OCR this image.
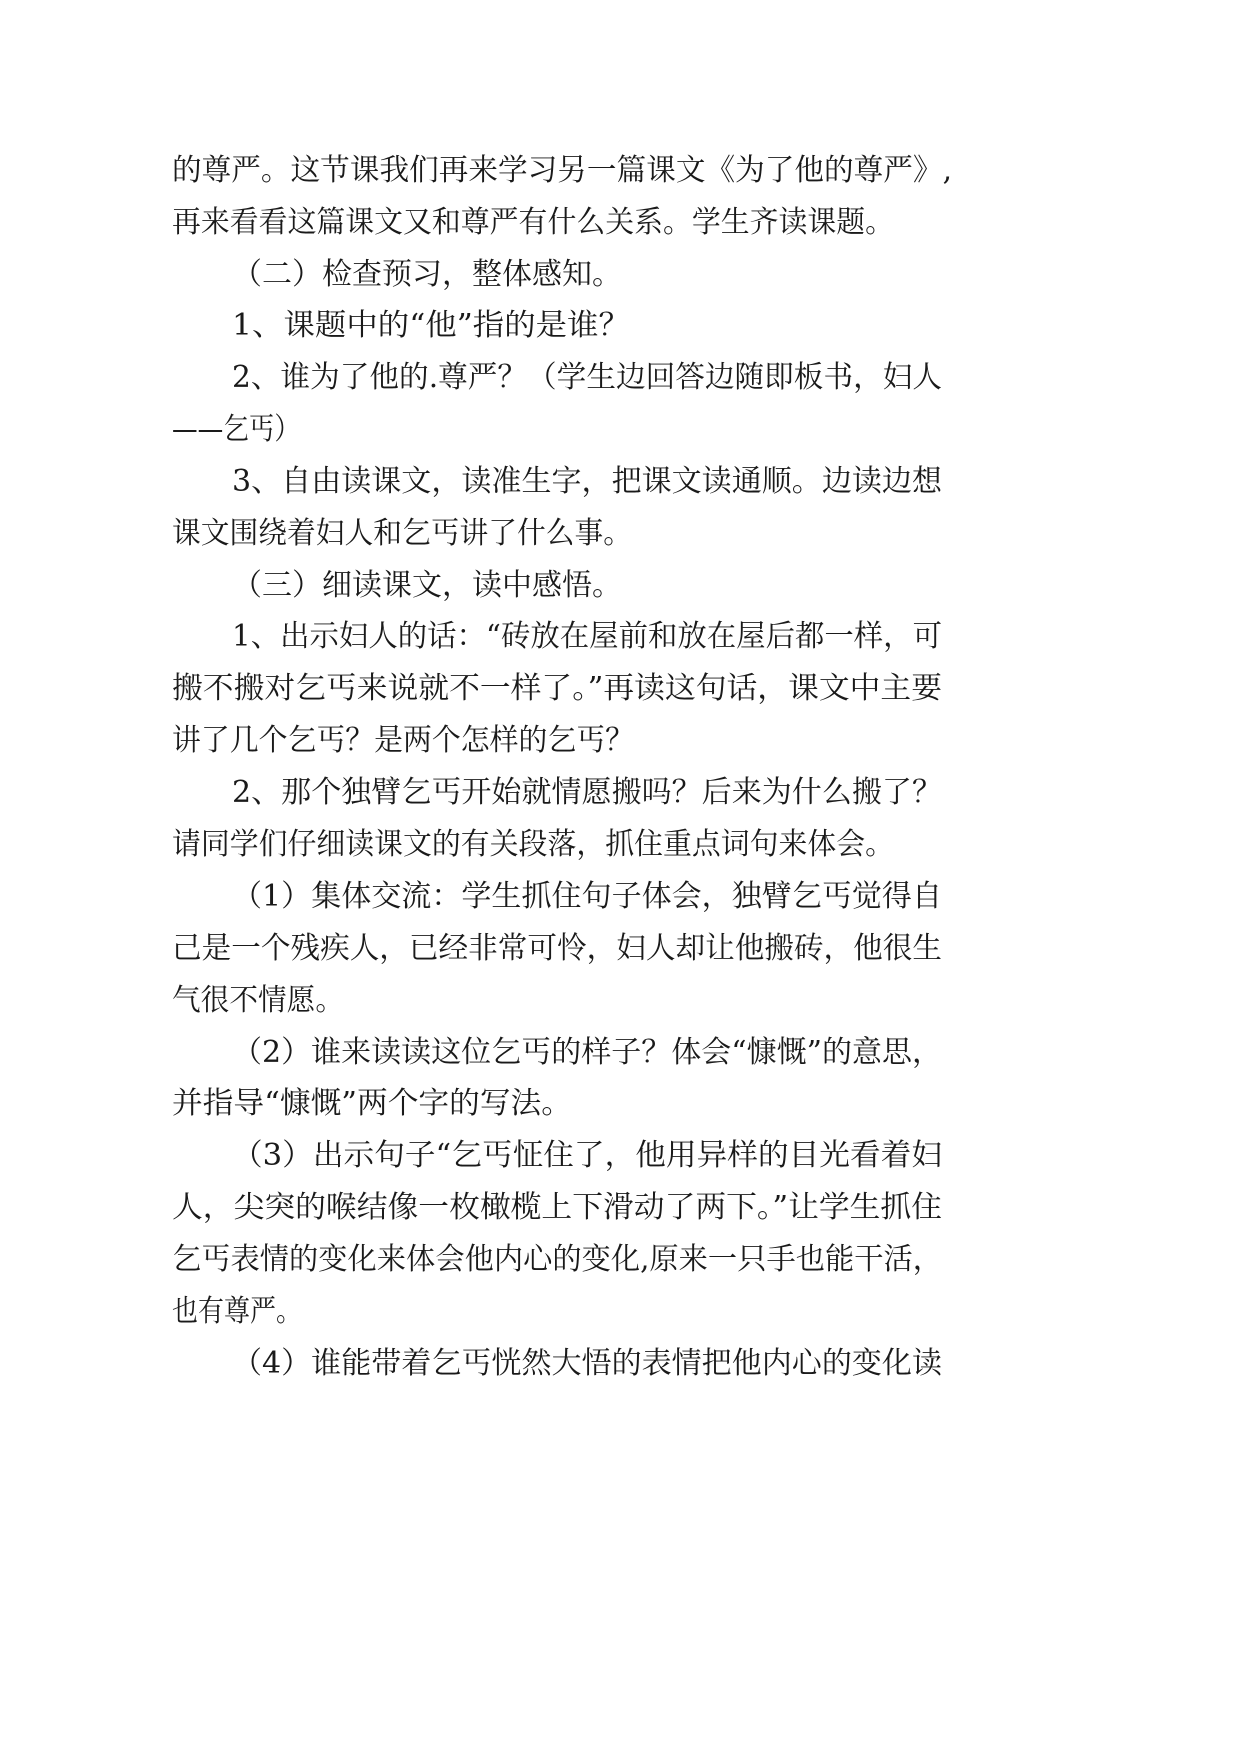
的尊严。这节课我们再来学习另一篇课文《为了他的尊严》,
再来看看这篇课文又和尊严有什么关系。学生齐读课题。
（二）检查预习，整体感知。
1、课题中的“他”指的是谁？
2、谁为了他的.尊严？（学生边回答边随即板书，妇人
——乞丐）
3、自由读课文，读准生字，把课文读通顺。边读边想
课文围绕着妇人和乞丐讲了什么事。
（三）细读课文，读中感悟。
1、出示妇人的话：“砖放在屋前和放在屋后都一样，可
搬不搬对乞丐来说就不一样了。”再读这句话，课文中主要
讲了几个乞丐？是两个怎样的乞丐？
2、那个独臂乞丐开始就情愿搬吗？后来为什么搬了？
请同学们仔细读课文的有关段落，抓住重点词句来体会。
（1）集体交流：学生抓住句子体会，独臂乞丐觉得自
己是一个残疾人，已经非常可怜，妇人却让他搬砖，他很生
气很不情愿。
（2）谁来读读这位乞丐的样子？体会“慷慨”的意思，
并指导“慷慨”两个字的写法。
（3）出示句子“乞丐怔住了，他用异样的目光看着妇
人，尖突的喉结像一枚橄榄上下滑动了两下。”让学生抓住
乞丐表情的变化来体会他内心的变化,原来一只手也能干活，
也有尊严。
（4）谁能带着乞丐恍然大悟的表情把他内心的变化读
